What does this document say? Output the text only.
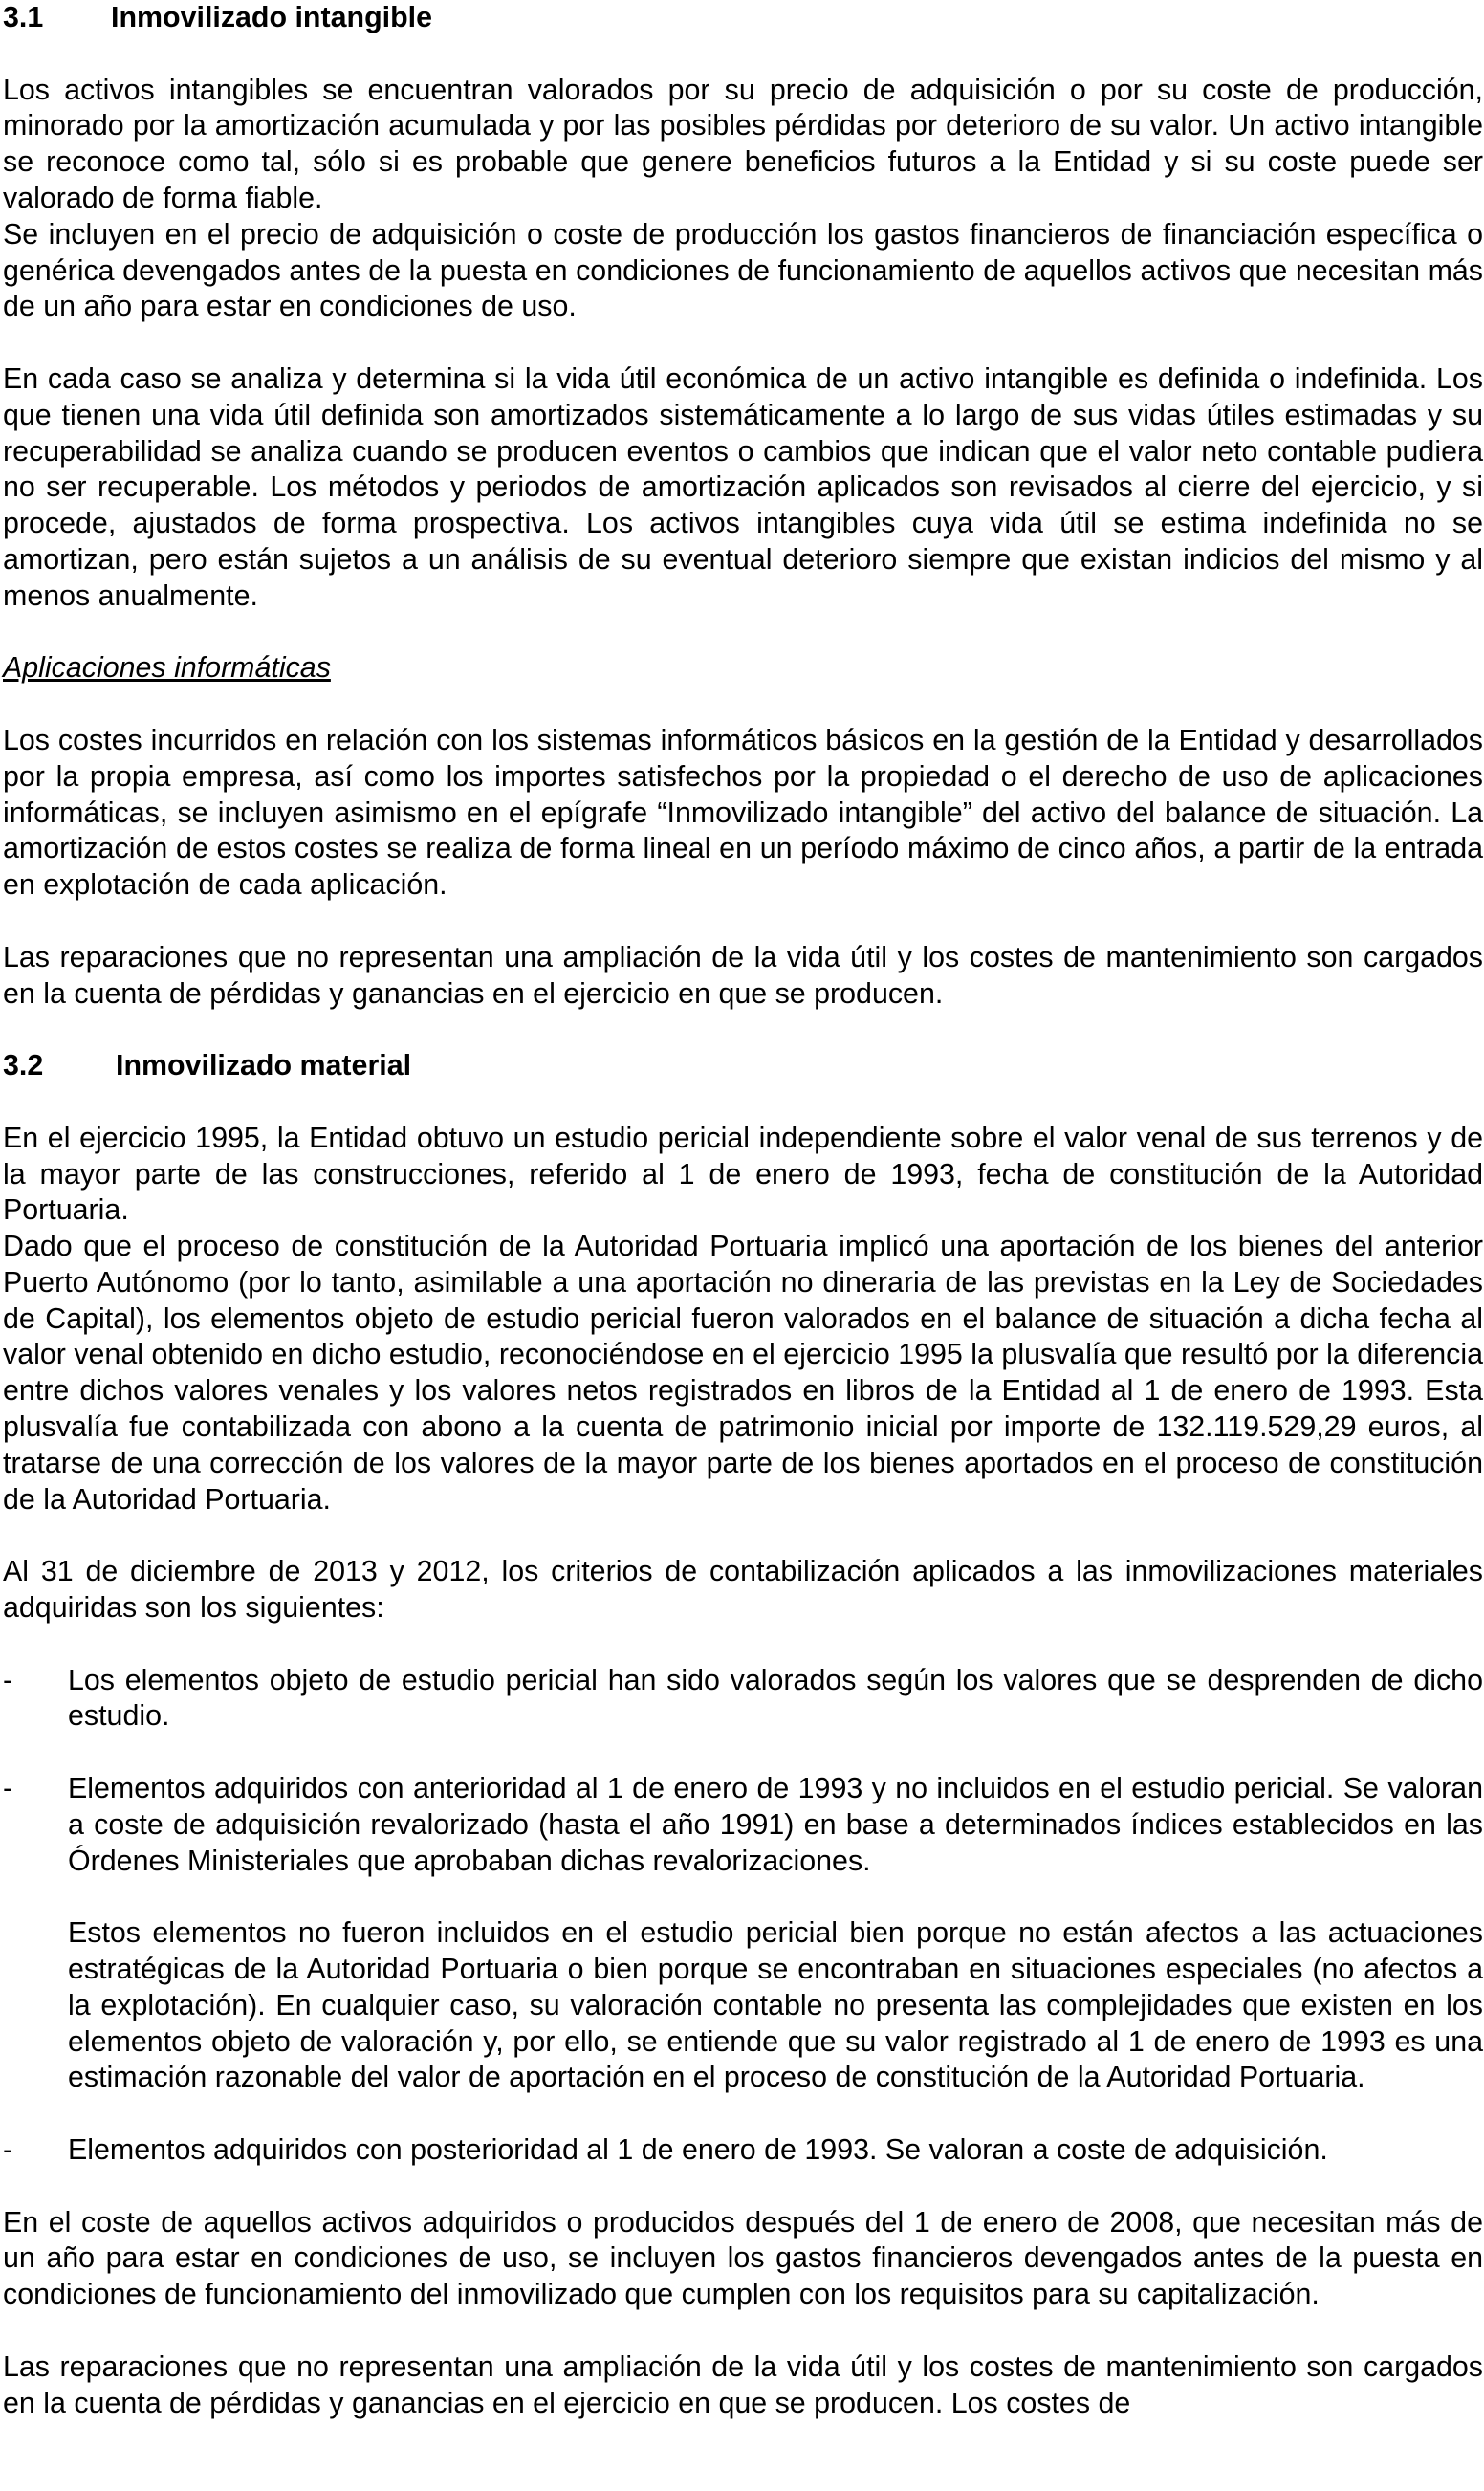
3.1	Inmovilizado intangible

Los activos intangibles se encuentran valorados por su precio de adquisición o por su coste de producción, minorado por la amortización acumulada y por las posibles pérdidas por deterioro de su valor. Un activo intangible se reconoce como tal, sólo si es probable que genere beneficios futuros a la Entidad y si su coste puede ser valorado de forma fiable.

Se incluyen en el precio de adquisición o coste de producción los gastos financieros de financiación específica o genérica devengados antes de la puesta en condiciones de funcionamiento de aquellos activos que necesitan más de un año para estar en condiciones de uso.

En cada caso se analiza y determina si la vida útil económica de un activo intangible es definida o indefinida. Los que tienen una vida útil definida son amortizados sistemáticamente a lo largo de sus vidas útiles estimadas y su recuperabilidad se analiza cuando se producen eventos o cambios que indican que el valor neto contable pudiera no ser recuperable. Los métodos y periodos de amortización aplicados son revisados al cierre del ejercicio, y si procede, ajustados de forma prospectiva. Los activos intangibles cuya vida útil se estima indefinida no se amortizan, pero están sujetos a un análisis de su eventual deterioro siempre que existan indicios del mismo y al menos anualmente.

Aplicaciones informáticas

Los costes incurridos en relación con los sistemas informáticos básicos en la gestión de la Entidad y desarrollados por la propia empresa, así como los importes satisfechos por la propiedad o el derecho de uso de aplicaciones informáticas, se incluyen asimismo en el epígrafe “Inmovilizado intangible” del activo del balance de situación. La amortización de estos costes se realiza de forma lineal en un período máximo de cinco años, a partir de la entrada en explotación de cada aplicación.

Las reparaciones que no representan una ampliación de la vida útil y los costes de mantenimiento son cargados en la cuenta de pérdidas y ganancias en el ejercicio en que se producen.

3.2	Inmovilizado material

En el ejercicio 1995, la Entidad obtuvo un estudio pericial independiente sobre el valor venal de sus terrenos y de la mayor parte de las construcciones, referido al 1 de enero de 1993, fecha de constitución de la Autoridad Portuaria.

Dado que el proceso de constitución de la Autoridad Portuaria implicó una aportación de los bienes del anterior Puerto Autónomo (por lo tanto, asimilable a una aportación no dineraria de las previstas en la Ley de Sociedades de Capital), los elementos objeto de estudio pericial fueron valorados en el balance de situación a dicha fecha al valor venal obtenido en dicho estudio, reconociéndose en el ejercicio 1995 la plusvalía que resultó por la diferencia entre dichos valores venales y los valores netos registrados en libros de la Entidad al 1 de enero de 1993. Esta plusvalía fue contabilizada con abono a la cuenta de patrimonio inicial por importe de 132.119.529,29 euros, al tratarse de una corrección de los valores de la mayor parte de los bienes aportados en el proceso de constitución de la Autoridad Portuaria.

Al 31 de diciembre de 2013 y 2012, los criterios de contabilización aplicados a las inmovilizaciones materiales adquiridas son los siguientes:

-	Los elementos objeto de estudio pericial han sido valorados según los valores que se desprenden de dicho estudio.
-	Elementos adquiridos con anterioridad al 1 de enero de 1993 y no incluidos en el estudio pericial. Se valoran a coste de adquisición revalorizado (hasta el año 1991) en base a determinados índices establecidos en las Órdenes Ministeriales que aprobaban dichas revalorizaciones.

Estos elementos no fueron incluidos en el estudio pericial bien porque no están afectos a las actuaciones estratégicas de la Autoridad Portuaria o bien porque se encontraban en situaciones especiales (no afectos a la explotación). En cualquier caso, su valoración contable no presenta las complejidades que existen en los elementos objeto de valoración y, por ello, se entiende que su valor registrado al 1 de enero de 1993 es una estimación razonable del valor de aportación en el proceso de constitución de la Autoridad Portuaria.

-	Elementos adquiridos con posterioridad al 1 de enero de 1993. Se valoran a coste de adquisición.

En el coste de aquellos activos adquiridos o producidos después del 1 de enero de 2008, que necesitan más de un año para estar en condiciones de uso, se incluyen los gastos financieros devengados antes de la puesta en condiciones de funcionamiento del inmovilizado que cumplen con los requisitos para su capitalización.

Las reparaciones que no representan una ampliación de la vida útil y los costes de mantenimiento son cargados en la cuenta de pérdidas y ganancias en el ejercicio en que se producen. Los costes de
